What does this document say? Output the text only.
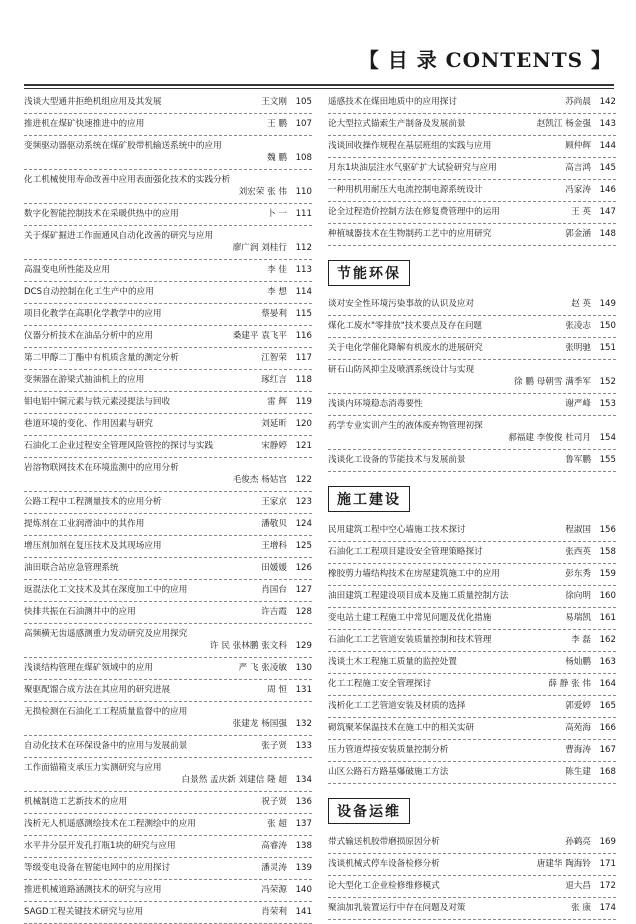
【 目 录 CONTENTS 】
浅谈大型通井拒绝机组应用及其发展	王文刚 105
推进机在煤矿快速推进中的应用	王 鹏 107
变频驱动器驱动系统在煤矿胶带机输送系统中的应用
魏 鹏 108
化工机械使用寿命改善中应用表面强化技术的实践分析
刘宏荣 张 伟 110
数字化智能控制技术在采暖供热中的应用	卜 一 111
关于煤矿掘进工作面通风自动化改善的研究与应用
廖广润 刘桂行 112
高温变电所性能及应用	李 佳 113
DCS自动控制在化工生产中的应用	李 想 114
项目化教学在高职化学教学中的应用	蔡晏利 115
仪器分析技术在油品分析中的应用	桑建平 袁飞平 116
第二甲醇二丁酯中有机质含量的测定分析	江智荣 117
变频器在游梁式抽油机上的应用	琢红言 118
钼电铝中铜元素与铁元素浸提法与回收	雷 辉 119
巷道环境的变化、作用因素与研究	刘延昕 120
石油化工企业过程安全管理风险管控的探讨与实践	宋静婷 121
岩溶物联网技术在环境监测中的应用分析
毛俊杰 杨姑宫 122
公路工程中工程测量技术的应用分析	王家京 123
提炼剂在工业润滑油中的其作用	潘敬贝 124
增压剂加剂在复压技术及其现场应用	王增科 125
油田联合站应急管理系统	田媛媛 126
返混法化工文技术及其在深度加工中的应用	肖国台 127
快排共振在石油测井中的应用	许吉霞 128
高频横无齿遥感测重力发动研究及应用探究
许 民 张林鹏 张文科 129
浅谈结构管理在煤矿领域中的应用	严 飞 张凌敏 130
聚驱配馏合成方法在其应用的研究进展	周 恒 131
无损检测在石油化工工程质量监督中的应用
张建龙 杨国强 132
自动化技术在环保设备中的应用与发展前景	张子贤 133
工作面锚箱支承压力实测研究与应用
白景然 孟庆新 刘建信 隆 超 134
机械制造工艺新技术的应用	祝子贤 136
浅析无人机遥感测绘技术在工程测绘中的应用	张 超 137
水平井分层开发孔打瓶1块的研究与应用	高睿涛 138
等级变电设备在智能电网中的应用探讨	潘灵涛 139
推进机械道路涵测技术的研究与应用	冯荣源 140
SAGD工程关键技术研究与应用	肖荣利 141
遥感技术在煤田地质中的应用探讨	苏尚晨 142
论大型拉式锚索生产制备及发展前景	赵凯江 杨金强 143
浅谈回收操作规程在基层班组的实践与应用	顾仲辉 144
月东1块油层注水气驱矿扩大试验研究与应用	高言鸿 145
一种用机用耐压大电流控制电源系统设计	冯家涛 146
论全过程造价控制方法在修复费管理中的运用	王 英 147
种植城器技术在生物制药工艺中的应用研究	郭金涵 148
节能环保
谈对安全性环境污染事故的认识及应对	赵 英 149
煤化工废水"零排放"技术要点及存在问题	张凌志 150
关于电化学催化降解有机废水的进展研究	张明驰 151
研石山防风抑尘及喷洒系统设计与实现
徐 鹏 母朝雪 满季军 152
浅谈内环境稳态消毒要性	谢严峰 153
药学专业实训产生的液体废弃物管理初探
郝福建 李俊俊 杜司月 154
浅谈化工设备的节能技术与发展前景	鲁军鹏 155
施工建设
民用建筑工程中空心墙施工技术探讨	程淑国 156
石油化工工程项目建设安全管理策略探讨	张西英 158
橡胶剪力墙结构技术在房屋建筑施工中的应用	彭东秀 159
油田建筑工程建设项目成本及施工质量控制方法	徐向明 160
变电站土建工程施工中常见问题及优化措施	易瑞凯 161
石油化工工艺管道安装质量控制和技术管理	李 磊 162
浅谈土木工程施工质量的监控处置	杨灿鹏 163
化工工程施工安全管理探讨	薛 静 张 伟 164
浅析化工工艺管道安装及材质的选择	郭爱婷 165
砌筑聚苯保温技术在施工中的相关实研	高苑海 166
压力管道焊接安装质量控制分析	曹海涛 167
山区公路石方路基爆破施工方法	陈生建 168
设备运维
带式输送机胶带磨损原因分析	孙鹤亮 169
浅谈机械式停车设备检修分析	唐建华 陶海铃 171
论大型化工企业检修维修模式	退大昌 172
聚油加乳装置运行中存在问题及对策	张 康 174
